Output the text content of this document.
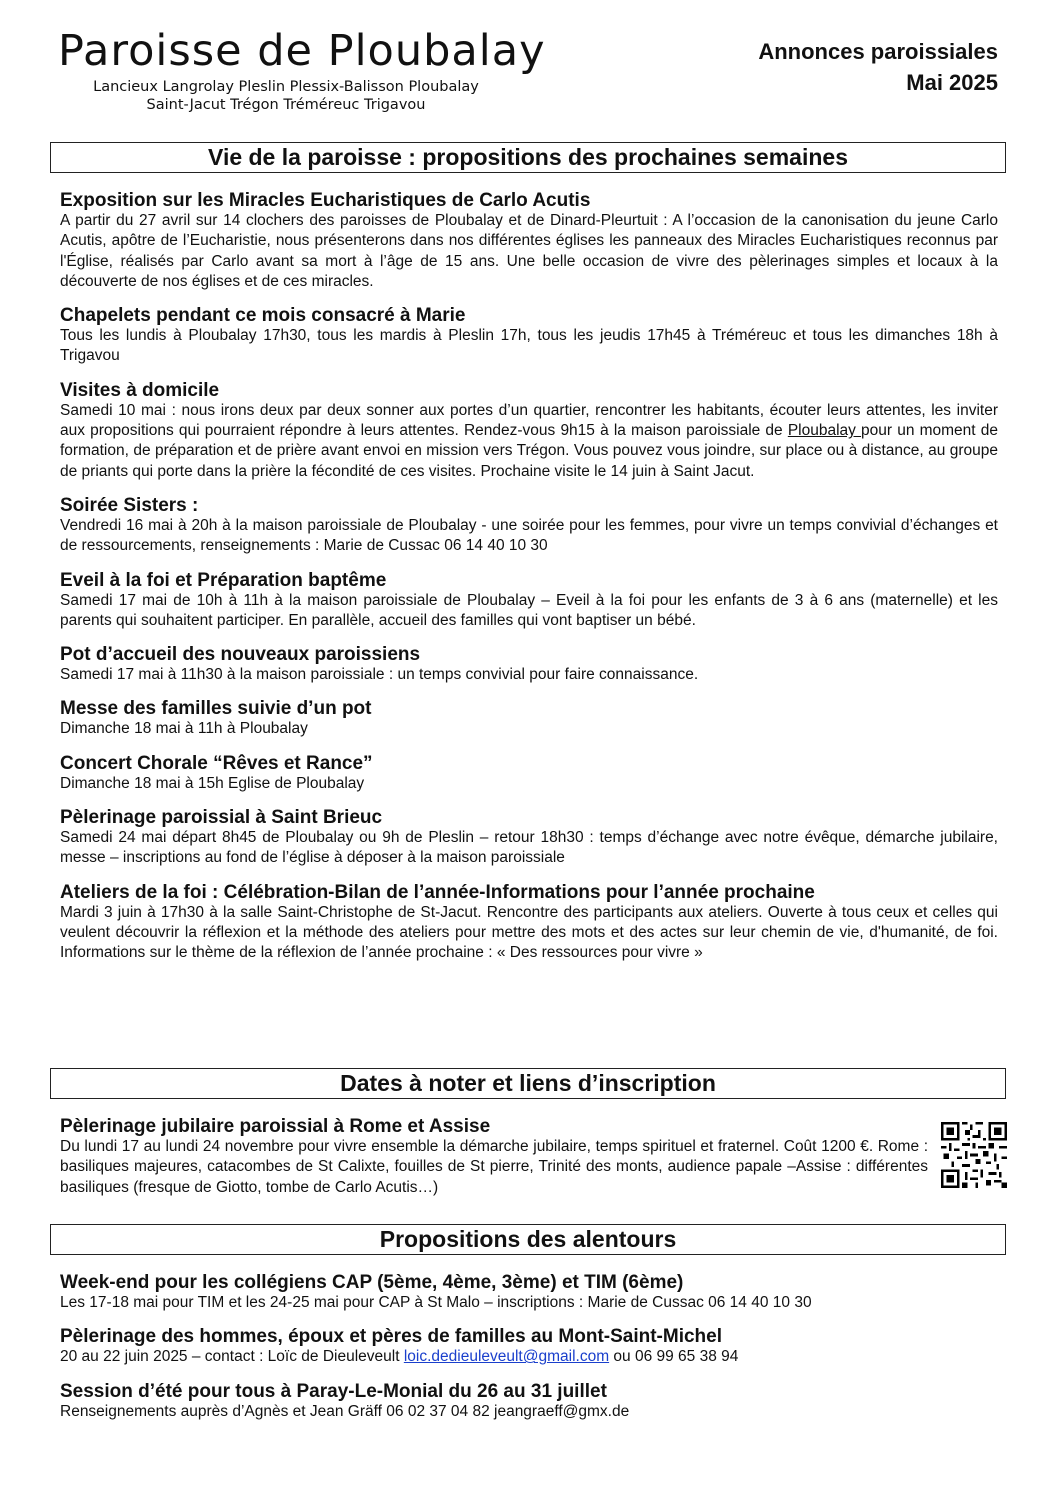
Paroisse de Ploubalay
Lancieux Langrolay Pleslin Plessix-Balisson Ploubalay
Saint-Jacut Trégon Tréméreuc Trigavou
Annonces paroissiales
Mai 2025
Vie de la paroisse : propositions des prochaines semaines
Exposition sur les Miracles Eucharistiques de Carlo Acutis
A partir du 27 avril sur 14 clochers des paroisses de Ploubalay et de Dinard-Pleurtuit : A l’occasion de la canonisation du jeune Carlo Acutis, apôtre de l’Eucharistie, nous présenterons dans nos différentes églises les panneaux des Miracles Eucharistiques reconnus par l'Église, réalisés par Carlo avant sa mort à l’âge de 15 ans. Une belle occasion de vivre des pèlerinages simples et locaux à la découverte de nos églises et de ces miracles.
Chapelets pendant ce mois consacré à Marie
Tous les lundis à Ploubalay 17h30, tous les mardis à Pleslin 17h, tous les jeudis 17h45 à Tréméreuc et tous les dimanches 18h à Trigavou
Visites à domicile
Samedi 10 mai : nous irons deux par deux sonner aux portes d’un quartier, rencontrer les habitants, écouter leurs attentes, les inviter aux propositions qui pourraient répondre à leurs attentes. Rendez-vous 9h15 à la maison paroissiale de Ploubalay pour un moment de formation, de préparation et de prière avant envoi en mission vers Trégon. Vous pouvez vous joindre, sur place ou à distance, au groupe de priants qui porte dans la prière la fécondité de ces visites. Prochaine visite le 14 juin à Saint Jacut.
Soirée Sisters :
Vendredi 16 mai à 20h à la maison paroissiale de Ploubalay - une soirée pour les femmes, pour vivre un temps convivial d’échanges et de ressourcements, renseignements : Marie de Cussac 06 14 40 10 30
Eveil à la foi et Préparation baptême
Samedi 17 mai de 10h à 11h à la maison paroissiale de Ploubalay – Eveil à la foi pour les enfants de 3 à 6 ans (maternelle) et les parents qui souhaitent participer. En parallèle, accueil des familles qui vont baptiser un bébé.
Pot d’accueil des nouveaux paroissiens
Samedi 17 mai à 11h30 à la maison paroissiale : un temps convivial pour faire connaissance.
Messe des familles suivie d’un pot
Dimanche 18 mai à 11h à Ploubalay
Concert Chorale “Rêves et Rance”
Dimanche 18 mai à 15h Eglise de Ploubalay
Pèlerinage paroissial à Saint Brieuc
Samedi 24 mai départ 8h45 de Ploubalay ou 9h de Pleslin – retour 18h30 : temps d’échange avec notre évêque, démarche jubilaire, messe – inscriptions au fond de l’église à déposer à la maison paroissiale
Ateliers de la foi : Célébration-Bilan de l’année-Informations pour l’année prochaine
Mardi 3 juin à 17h30 à la salle Saint-Christophe de St-Jacut. Rencontre des participants aux ateliers. Ouverte à tous ceux et celles qui veulent découvrir la réflexion et la méthode des ateliers pour mettre des mots et des actes sur leur chemin de vie, d'humanité, de foi. Informations sur le thème de la réflexion de l’année prochaine : « Des ressources pour vivre »
Dates à noter et liens d’inscription
Pèlerinage jubilaire paroissial à Rome et Assise
Du lundi 17 au lundi 24 novembre pour vivre ensemble la démarche jubilaire, temps spirituel et fraternel. Coût 1200 €. Rome : basiliques majeures, catacombes de St Calixte, fouilles de St pierre, Trinité des monts, audience papale –Assise : différentes basiliques (fresque de Giotto, tombe de Carlo Acutis…)
Propositions des alentours
Week-end pour les collégiens CAP (5ème, 4ème, 3ème) et TIM (6ème)
Les 17-18 mai pour TIM et les 24-25 mai pour CAP à St Malo – inscriptions : Marie de Cussac 06 14 40 10 30
Pèlerinage des hommes, époux et pères de familles au Mont-Saint-Michel
20 au 22 juin 2025 – contact : Loïc de Dieuleveult loic.dedieuleveult@gmail.com ou 06 99 65 38 94
Session d’été pour tous à Paray-Le-Monial du 26 au 31 juillet
Renseignements auprès d’Agnès et Jean Gräff 06 02 37 04 82 jeangraeff@gmx.de
